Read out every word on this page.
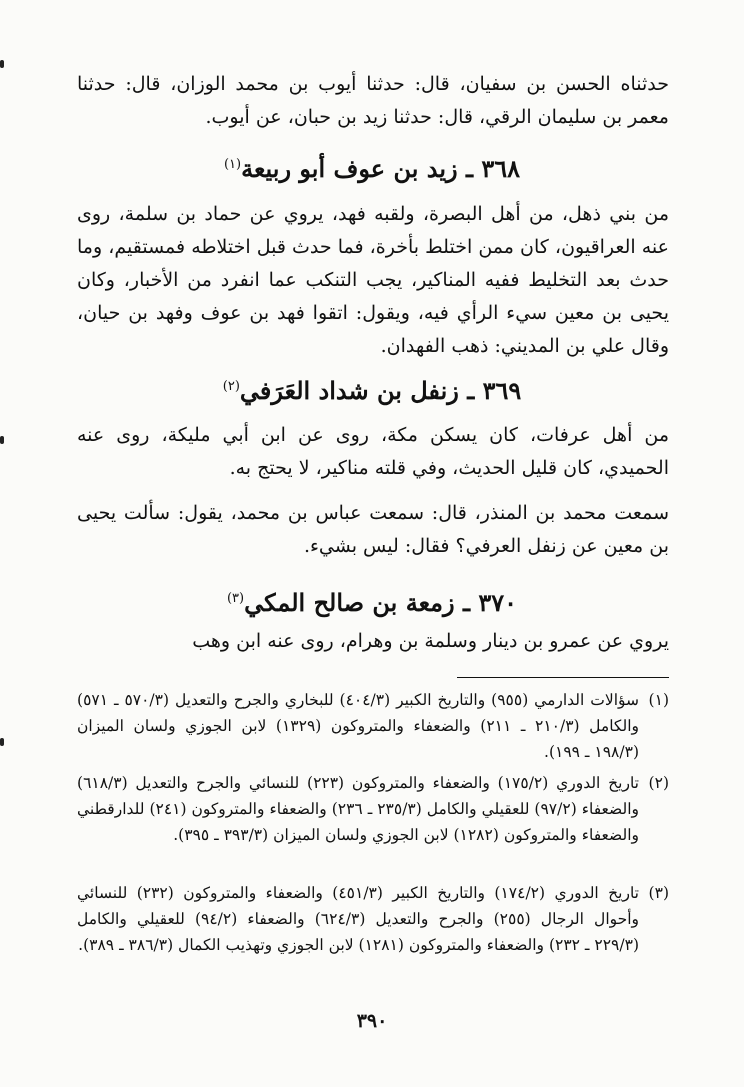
حدثناه الحسن بن سفيان، قال: حدثنا أيوب بن محمد الوزان، قال: حدثنا معمر بن سليمان الرقي، قال: حدثنا زيد بن حبان، عن أيوب.
٣٦٨ ـ زيد بن عوف أبو ربيعة$^{(١)}$
من بني ذهل، من أهل البصرة، ولقبه فهد، يروي عن حماد بن سلمة، روى عنه العراقيون، كان ممن اختلط بأخرة، فما حدث قبل اختلاطه فمستقيم، وما حدث بعد التخليط ففيه المناكير، يجب التنكب عما انفرد من الأخبار، وكان يحيى بن معين سيء الرأي فيه، ويقول: اتقوا فهد بن عوف وفهد بن حيان، وقال علي بن المديني: ذهب الفهدان.
٣٦٩ ـ زنفل بن شداد العَرَفي$^{(٢)}$
من أهل عرفات، كان يسكن مكة، روى عن ابن أبي مليكة، روى عنه الحميدي، كان قليل الحديث، وفي قلته مناكير، لا يحتج به.
سمعت محمد بن المنذر، قال: سمعت عباس بن محمد، يقول: سألت يحيى بن معين عن زنفل العرفي؟ فقال: ليس بشيء.
٣٧٠ ـ زمعة بن صالح المكي$^{(٣)}$
يروي عن عمرو بن دينار وسلمة بن وهرام، روى عنه ابن وهب
(١)
سؤالات الدارمي (٩٥٥) والتاريخ الكبير (٤٠٤/٣) للبخاري والجرح والتعديل (٥٧٠/٣ ـ ٥٧١) والكامل (٢١٠/٣ ـ ٢١١) والضعفاء والمتروكون (١٣٢٩) لابن الجوزي ولسان الميزان (١٩٨/٣ ـ ١٩٩).
(٢)
تاريخ الدوري (١٧٥/٢) والضعفاء والمتروكون (٢٢٣) للنسائي والجرح والتعديل (٦١٨/٣) والضعفاء (٩٧/٢) للعقيلي والكامل (٢٣٥/٣ ـ ٢٣٦) والضعفاء والمتروكون (٢٤١) للدارقطني والضعفاء والمتروكون (١٢٨٢) لابن الجوزي ولسان الميزان (٣٩٣/٣ ـ ٣٩٥).
(٣)
تاريخ الدوري (١٧٤/٢) والتاريخ الكبير (٤٥١/٣) والضعفاء والمتروكون (٢٣٢) للنسائي وأحوال الرجال (٢٥٥) والجرح والتعديل (٦٢٤/٣) والضعفاء (٩٤/٢) للعقيلي والكامل (٢٢٩/٣ ـ ٢٣٢) والضعفاء والمتروكون (١٢٨١) لابن الجوزي وتهذيب الكمال (٣٨٦/٣ ـ ٣٨٩).
٣٩٠
